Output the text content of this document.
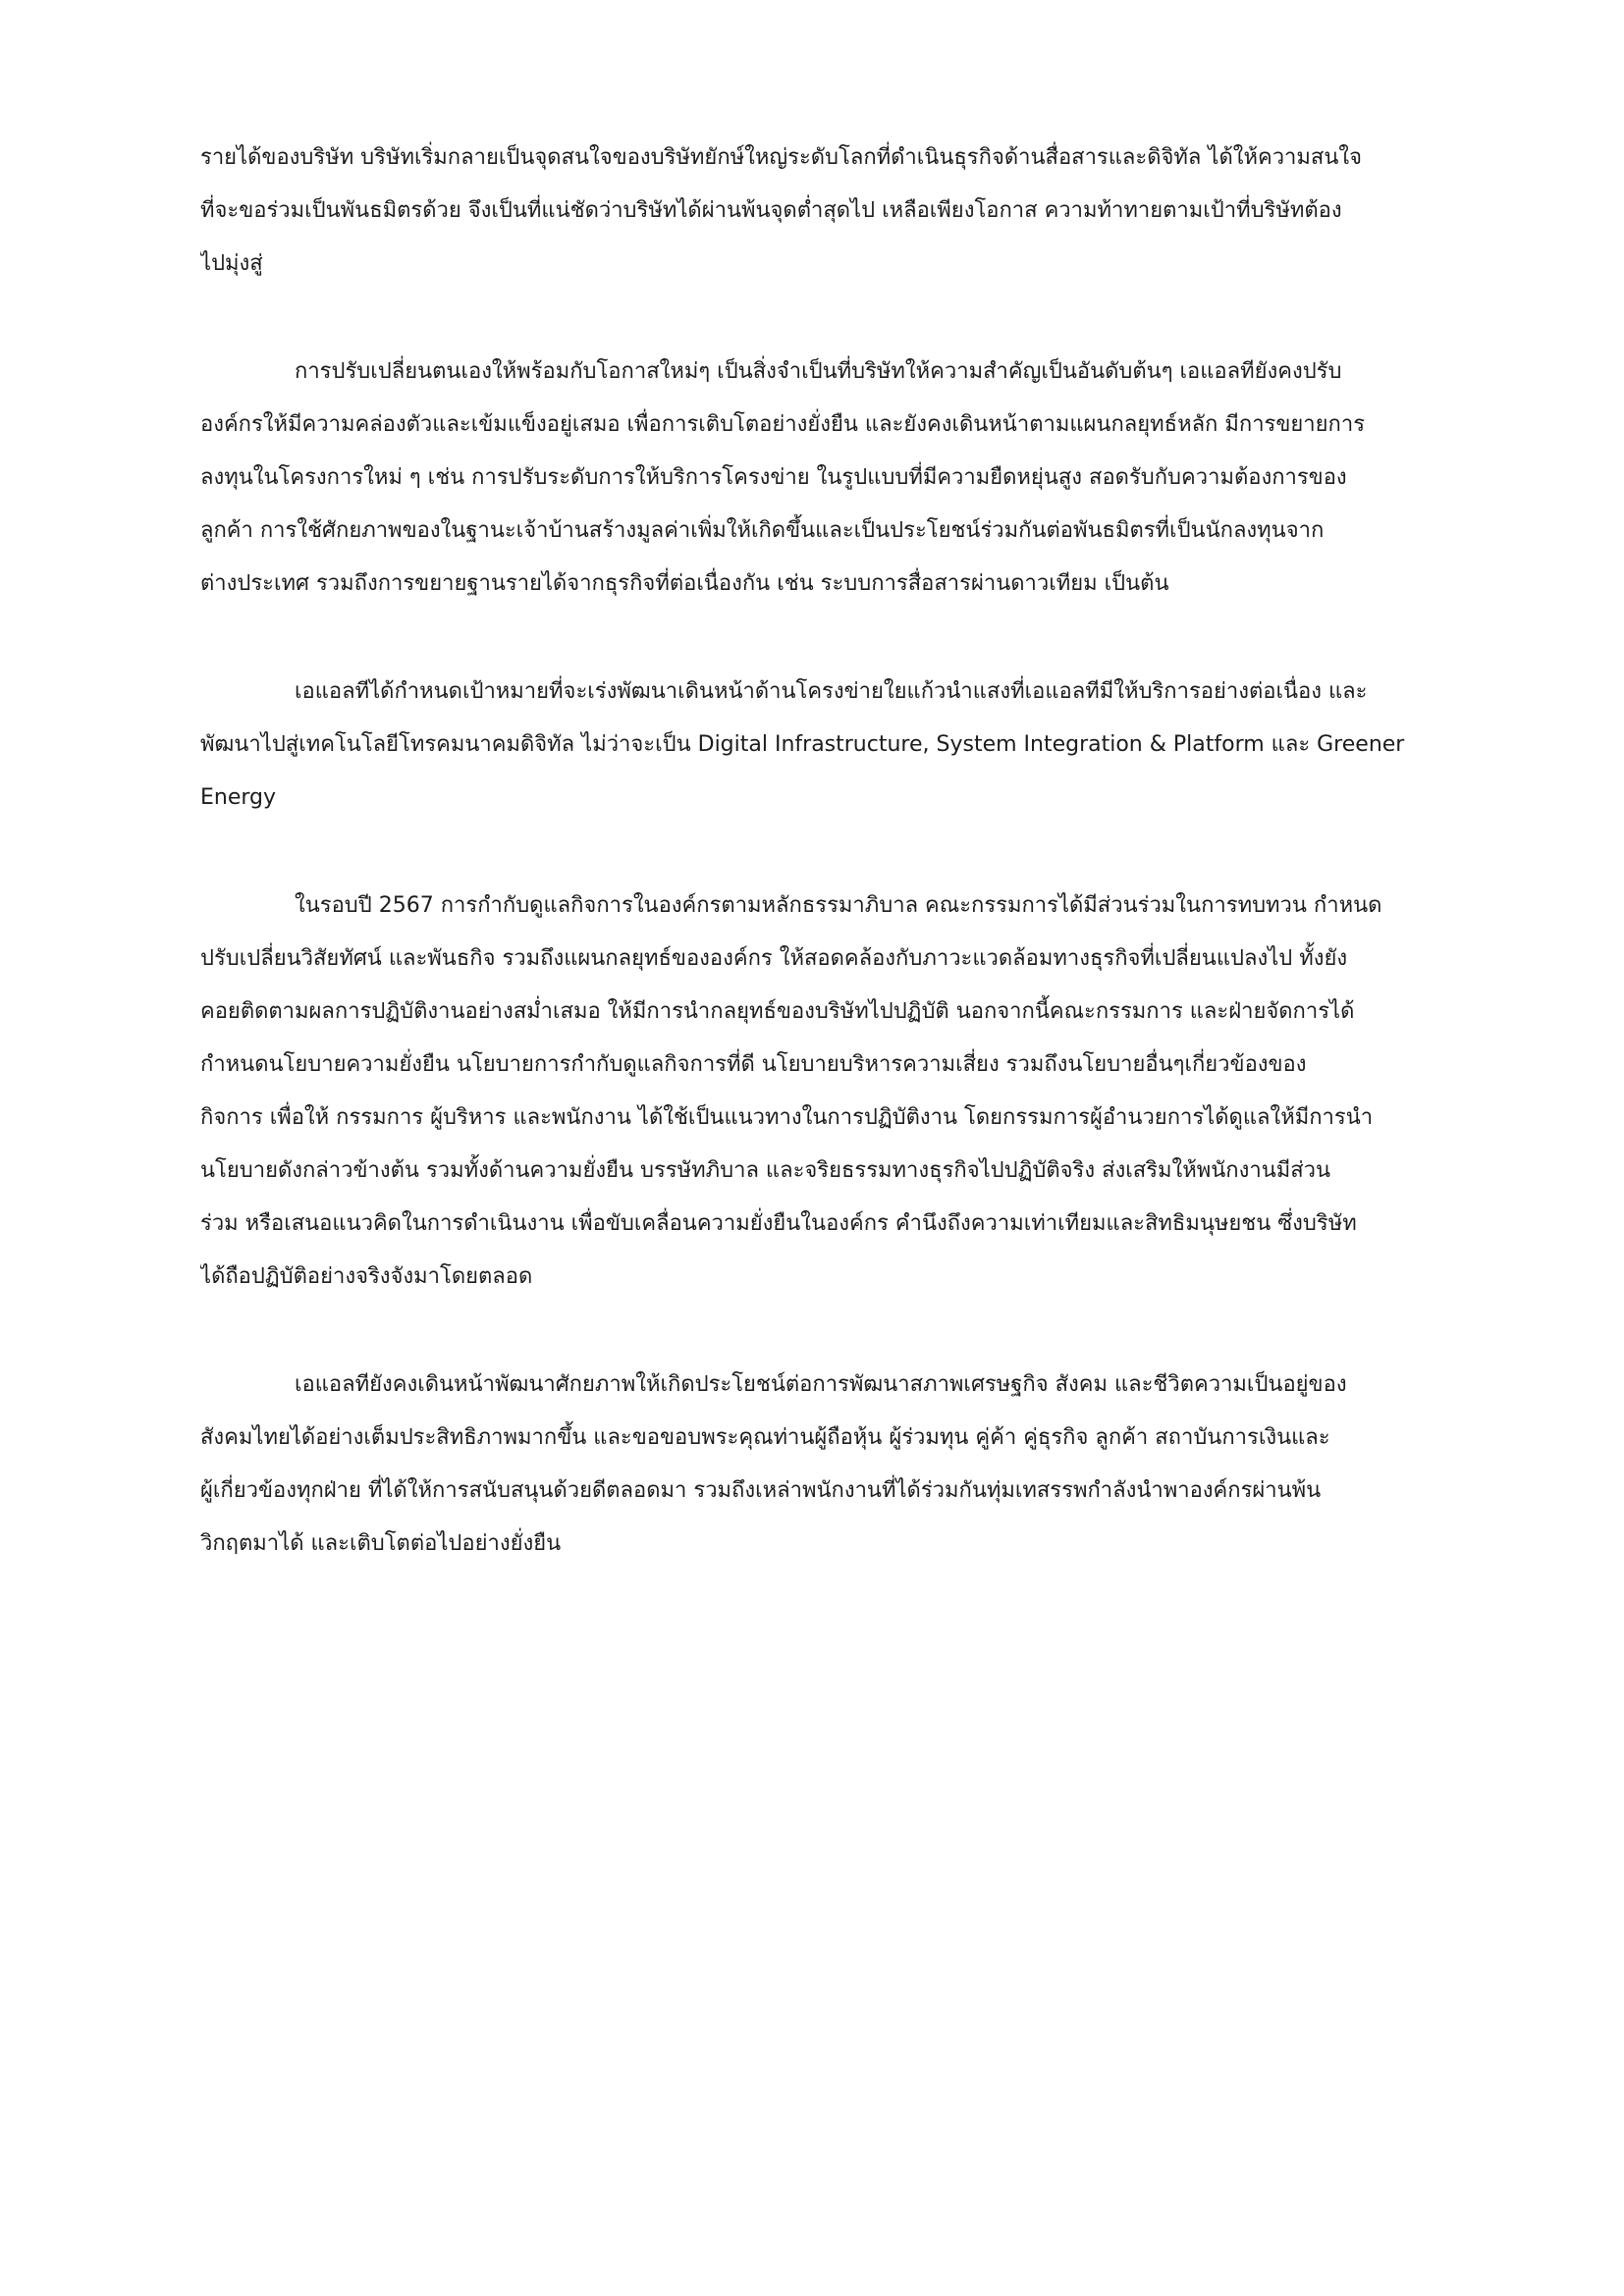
รายได้ของบริษัท บริษัทเริ่มกลายเป็นจุดสนใจของบริษัทยักษ์ใหญ่ระดับโลกที่ดำเนินธุรกิจด้านสื่อสารและดิจิทัล ได้ให้ความสนใจ
ที่จะขอร่วมเป็นพันธมิตรด้วย จึงเป็นที่แน่ชัดว่าบริษัทได้ผ่านพ้นจุดต่ำสุดไป เหลือเพียงโอกาส ความท้าทายตามเป้าที่บริษัทต้อง
ไปมุ่งสู่

การปรับเปลี่ยนตนเองให้พร้อมกับโอกาสใหม่ๆ เป็นสิ่งจำเป็นที่บริษัทให้ความสำคัญเป็นอันดับต้นๆ เอแอลทียังคงปรับ
องค์กรให้มีความคล่องตัวและเข้มแข็งอยู่เสมอ เพื่อการเติบโตอย่างยั่งยืน และยังคงเดินหน้าตามแผนกลยุทธ์หลัก มีการขยายการ
ลงทุนในโครงการใหม่ ๆ เช่น การปรับระดับการให้บริการโครงข่าย ในรูปแบบที่มีความยืดหยุ่นสูง สอดรับกับความต้องการของ
ลูกค้า การใช้ศักยภาพของในฐานะเจ้าบ้านสร้างมูลค่าเพิ่มให้เกิดขึ้นและเป็นประโยชน์ร่วมกันต่อพันธมิตรที่เป็นนักลงทุนจาก
ต่างประเทศ รวมถึงการขยายฐานรายได้จากธุรกิจที่ต่อเนื่องกัน เช่น ระบบการสื่อสารผ่านดาวเทียม เป็นต้น

เอแอลทีได้กำหนดเป้าหมายที่จะเร่งพัฒนาเดินหน้าด้านโครงข่ายใยแก้วนำแสงที่เอแอลทีมีให้บริการอย่างต่อเนื่อง และ
พัฒนาไปสู่เทคโนโลยีโทรคมนาคมดิจิทัล ไม่ว่าจะเป็น Digital Infrastructure, System Integration & Platform และ Greener
Energy

ในรอบปี 2567 การกำกับดูแลกิจการในองค์กรตามหลักธรรมาภิบาล คณะกรรมการได้มีส่วนร่วมในการทบทวน กำหนด
ปรับเปลี่ยนวิสัยทัศน์ และพันธกิจ รวมถึงแผนกลยุทธ์ขององค์กร ให้สอดคล้องกับภาวะแวดล้อมทางธุรกิจที่เปลี่ยนแปลงไป ทั้งยัง
คอยติดตามผลการปฏิบัติงานอย่างสม่ำเสมอ ให้มีการนำกลยุทธ์ของบริษัทไปปฏิบัติ นอกจากนี้คณะกรรมการ และฝ่ายจัดการได้
กำหนดนโยบายความยั่งยืน นโยบายการกำกับดูแลกิจการที่ดี นโยบายบริหารความเสี่ยง รวมถึงนโยบายอื่นๆเกี่ยวข้องของ
กิจการ เพื่อให้ กรรมการ ผู้บริหาร และพนักงาน ได้ใช้เป็นแนวทางในการปฏิบัติงาน โดยกรรมการผู้อำนวยการได้ดูแลให้มีการนำ
นโยบายดังกล่าวข้างต้น รวมทั้งด้านความยั่งยืน บรรษัทภิบาล และจริยธรรมทางธุรกิจไปปฏิบัติจริง ส่งเสริมให้พนักงานมีส่วน
ร่วม หรือเสนอแนวคิดในการดำเนินงาน เพื่อขับเคลื่อนความยั่งยืนในองค์กร คำนึงถึงความเท่าเทียมและสิทธิมนุษยชน ซึ่งบริษัท
ได้ถือปฏิบัติอย่างจริงจังมาโดยตลอด

เอแอลทียังคงเดินหน้าพัฒนาศักยภาพให้เกิดประโยชน์ต่อการพัฒนาสภาพเศรษฐกิจ สังคม และชีวิตความเป็นอยู่ของ
สังคมไทยได้อย่างเต็มประสิทธิภาพมากขึ้น และขอขอบพระคุณท่านผู้ถือหุ้น ผู้ร่วมทุน คู่ค้า คู่ธุรกิจ ลูกค้า สถาบันการเงินและ
ผู้เกี่ยวข้องทุกฝ่าย ที่ได้ให้การสนับสนุนด้วยดีตลอดมา รวมถึงเหล่าพนักงานที่ได้ร่วมกันทุ่มเทสรรพกำลังนำพาองค์กรผ่านพ้น
วิกฤตมาได้ และเติบโตต่อไปอย่างยั่งยืน
